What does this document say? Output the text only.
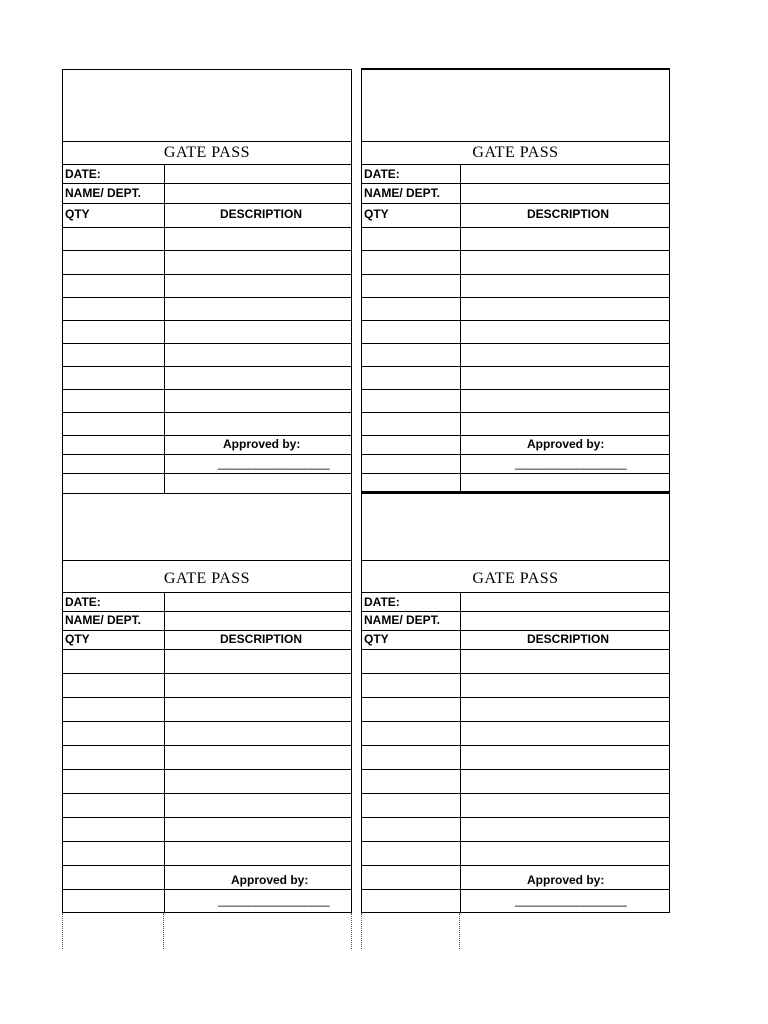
GATE PASS
DATE:
NAME/ DEPT.
QTY	DESCRIPTION
Approved by:
__________________
GATE PASS
DATE:
NAME/ DEPT.
QTY	DESCRIPTION
Approved by:
__________________
GATE PASS
DATE:
NAME/ DEPT.
QTY	DESCRIPTION
Approved by:
__________________
GATE PASS
DATE:
NAME/ DEPT.
QTY	DESCRIPTION
Approved by:
__________________
